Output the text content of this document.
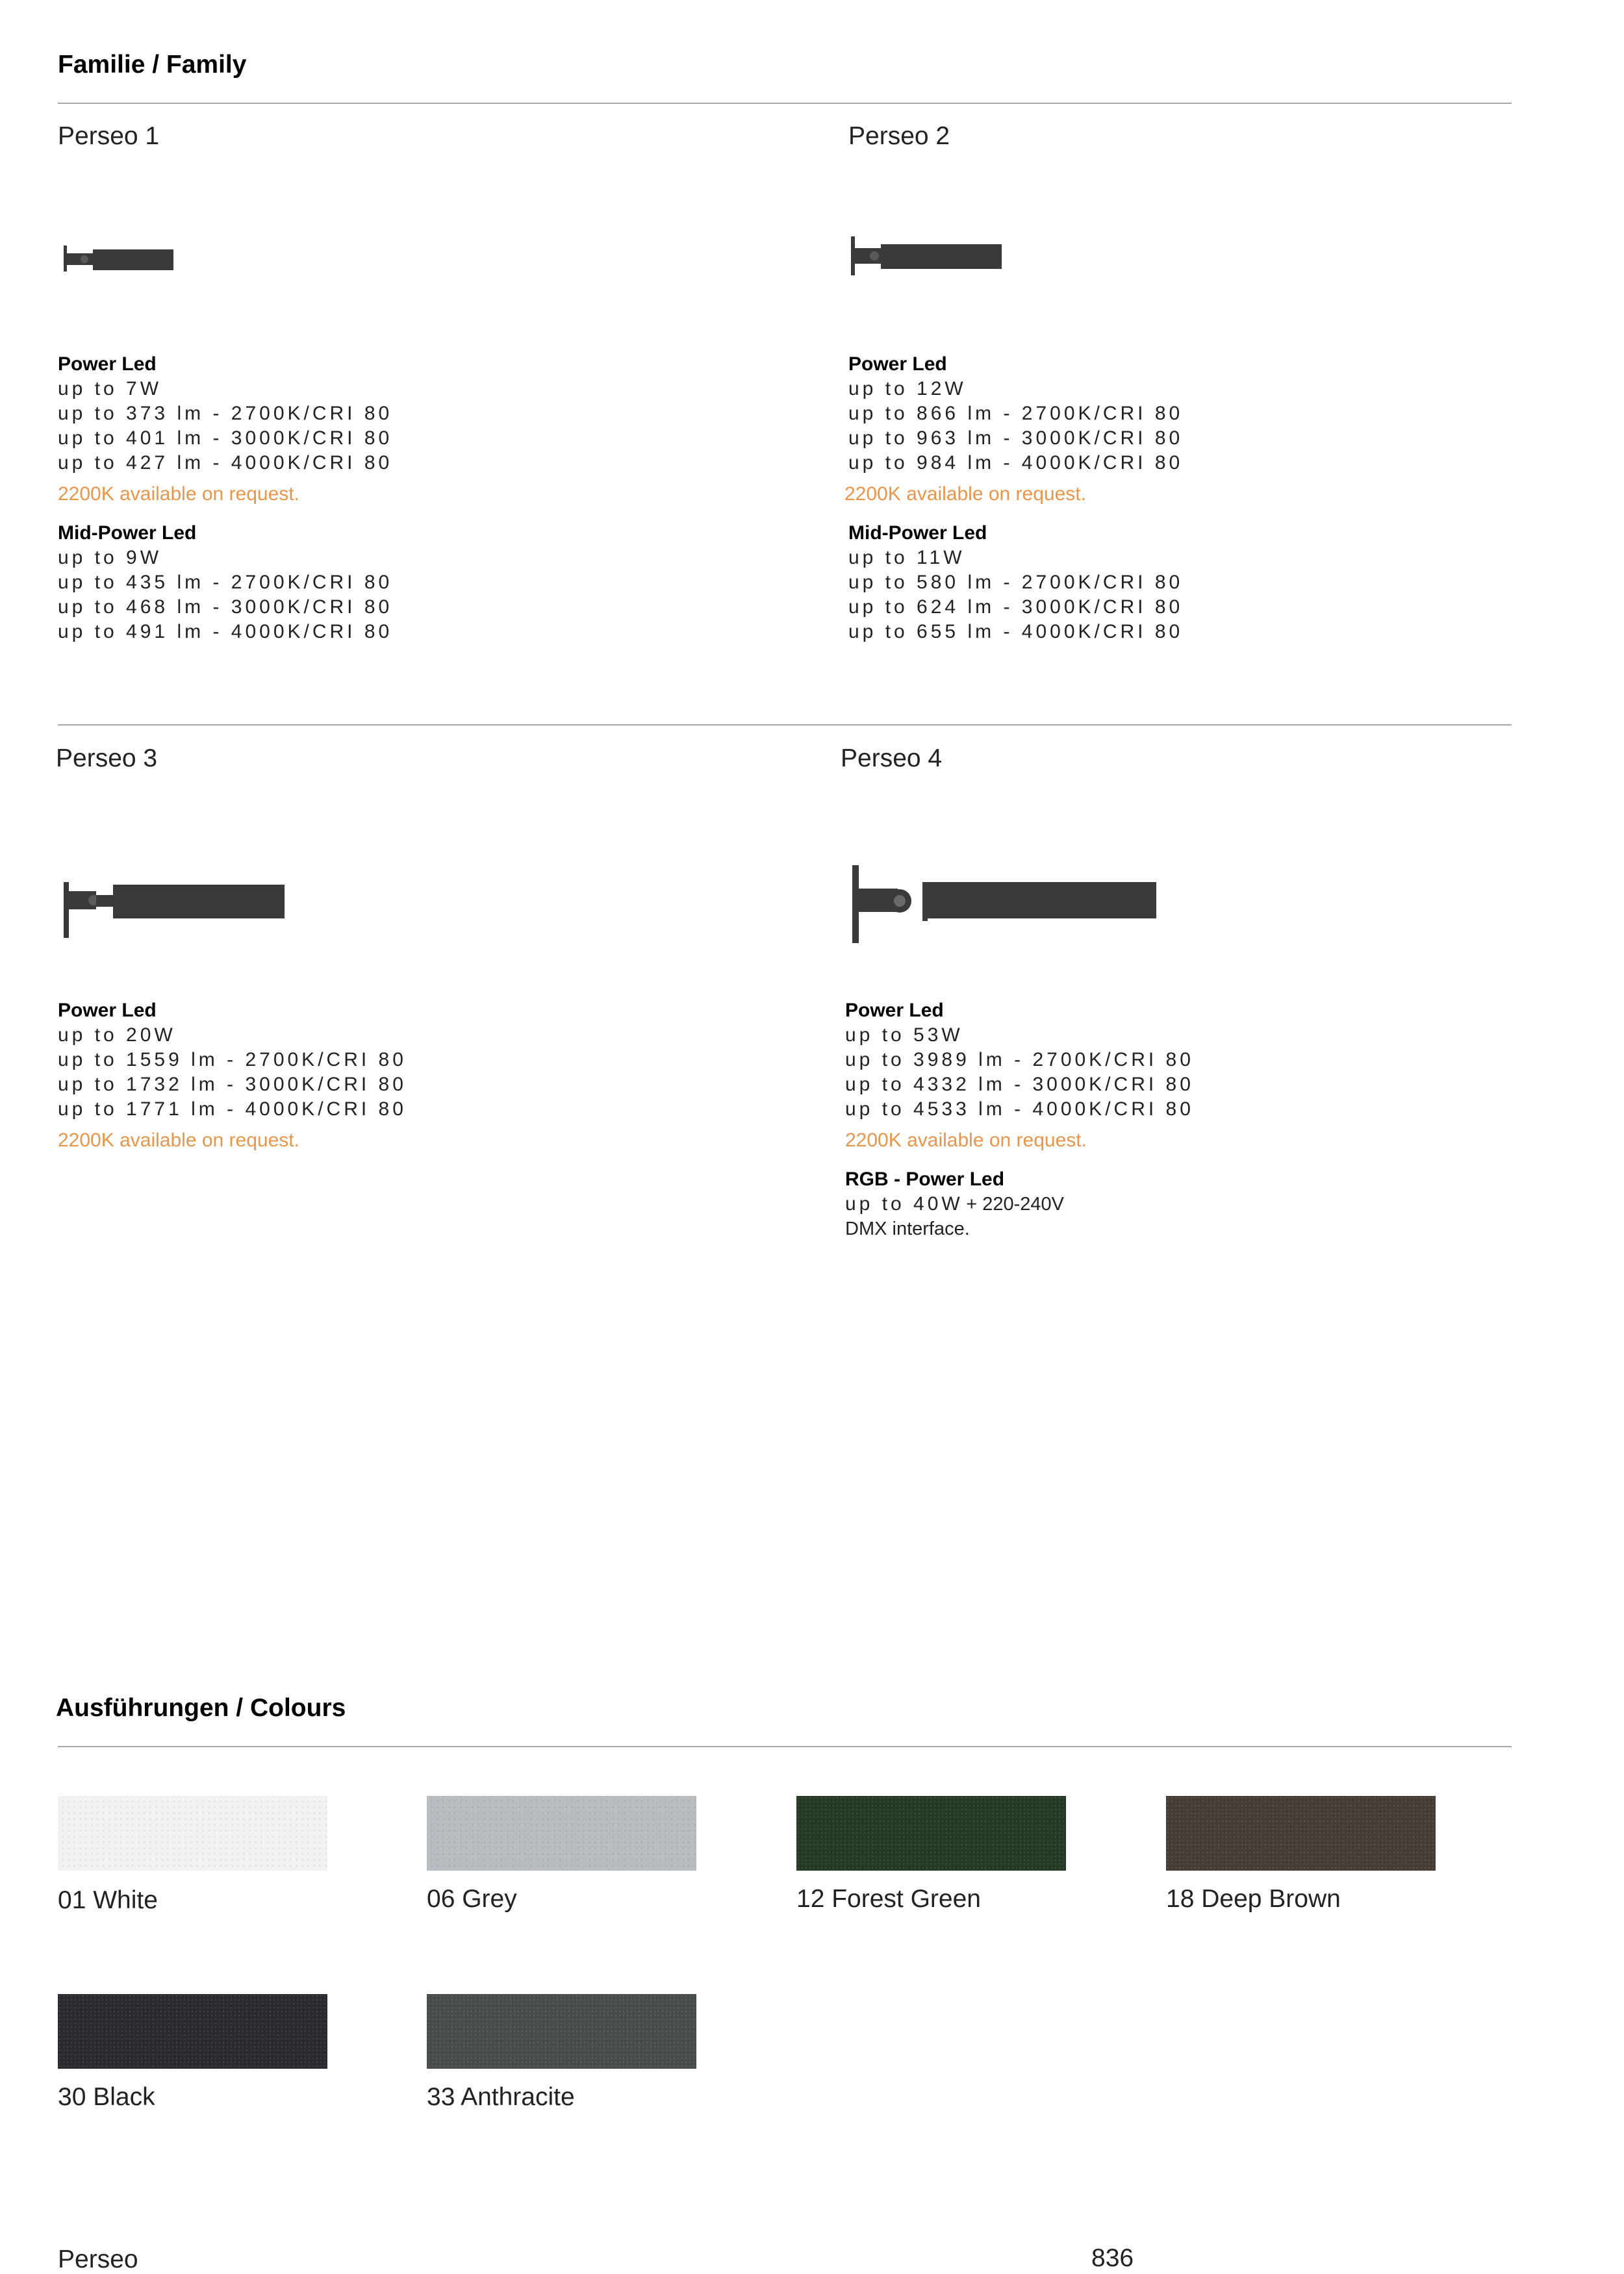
Familie / Family
Perseo 1
Power Led
up to 7W
up to 373 lm - 2700K/CRI 80
up to 401 lm - 3000K/CRI 80
up to 427 lm - 4000K/CRI 80
2200K available on request.
Mid-Power Led
up to 9W
up to 435 lm - 2700K/CRI 80
up to 468 lm - 3000K/CRI 80
up to 491 lm - 4000K/CRI 80
Perseo 2
Power Led
up to 12W
up to 866 lm - 2700K/CRI 80
up to 963 lm - 3000K/CRI 80
up to 984 lm - 4000K/CRI 80
2200K available on request.
Mid-Power Led
up to 11W
up to 580 lm - 2700K/CRI 80
up to 624 lm - 3000K/CRI 80
up to 655 lm - 4000K/CRI 80
Perseo 3
Power Led
up to 20W
up to 1559 lm - 2700K/CRI 80
up to 1732 lm - 3000K/CRI 80
up to 1771 lm - 4000K/CRI 80
2200K available on request.
Perseo 4
Power Led
up to 53W
up to 3989 lm - 2700K/CRI 80
up to 4332 lm - 3000K/CRI 80
up to 4533 lm - 4000K/CRI 80
2200K available on request.
RGB - Power Led
up to 40W + 220-240V
DMX interface.
Ausführungen / Colours
01 White	06 Grey	12 Forest Green	18 Deep Brown
30 Black	33 Anthracite
Perseo	836
